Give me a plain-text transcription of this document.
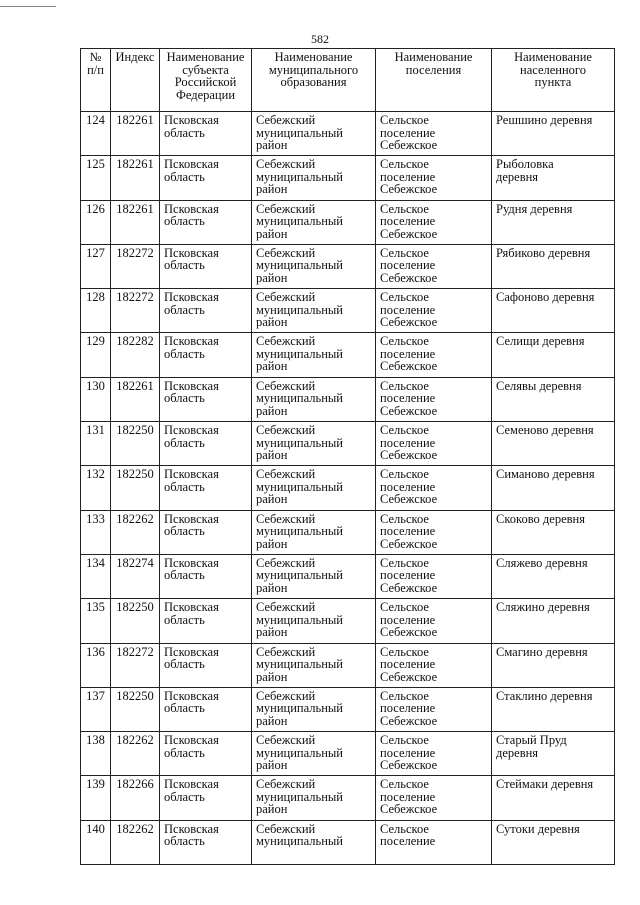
582
№
п/п	Индекс	Наименование
субъекта
Российской
Федерации	Наименование
муниципального
образования	Наименование
поселения	Наименование
населенного
пункта

124	182261	Псковская
область	Себежский
муниципальный
район	Сельское
поселение
Себежское	Решшино деревня

125	182261	Псковская
область	Себежский
муниципальный
район	Сельское
поселение
Себежское	Рыболовка
деревня

126	182261	Псковская
область	Себежский
муниципальный
район	Сельское
поселение
Себежское	Рудня деревня

127	182272	Псковская
область	Себежский
муниципальный
район	Сельское
поселение
Себежское	Рябиково деревня

128	182272	Псковская
область	Себежский
муниципальный
район	Сельское
поселение
Себежское	Сафоново деревня

129	182282	Псковская
область	Себежский
муниципальный
район	Сельское
поселение
Себежское	Селищи деревня

130	182261	Псковская
область	Себежский
муниципальный
район	Сельское
поселение
Себежское	Селявы деревня

131	182250	Псковская
область	Себежский
муниципальный
район	Сельское
поселение
Себежское	Семеново деревня

132	182250	Псковская
область	Себежский
муниципальный
район	Сельское
поселение
Себежское	Симаново деревня

133	182262	Псковская
область	Себежский
муниципальный
район	Сельское
поселение
Себежское	Скоково деревня

134	182274	Псковская
область	Себежский
муниципальный
район	Сельское
поселение
Себежское	Сляжево деревня

135	182250	Псковская
область	Себежский
муниципальный
район	Сельское
поселение
Себежское	Сляжино деревня

136	182272	Псковская
область	Себежский
муниципальный
район	Сельское
поселение
Себежское	Смагино деревня

137	182250	Псковская
область	Себежский
муниципальный
район	Сельское
поселение
Себежское	Стаклино деревня

138	182262	Псковская
область	Себежский
муниципальный
район	Сельское
поселение
Себежское	Старый Пруд
деревня

139	182266	Псковская
область	Себежский
муниципальный
район	Сельское
поселение
Себежское	Стеймаки деревня

140	182262	Псковская
область	Себежский
муниципальный	Сельское
поселение	Сутоки деревня
